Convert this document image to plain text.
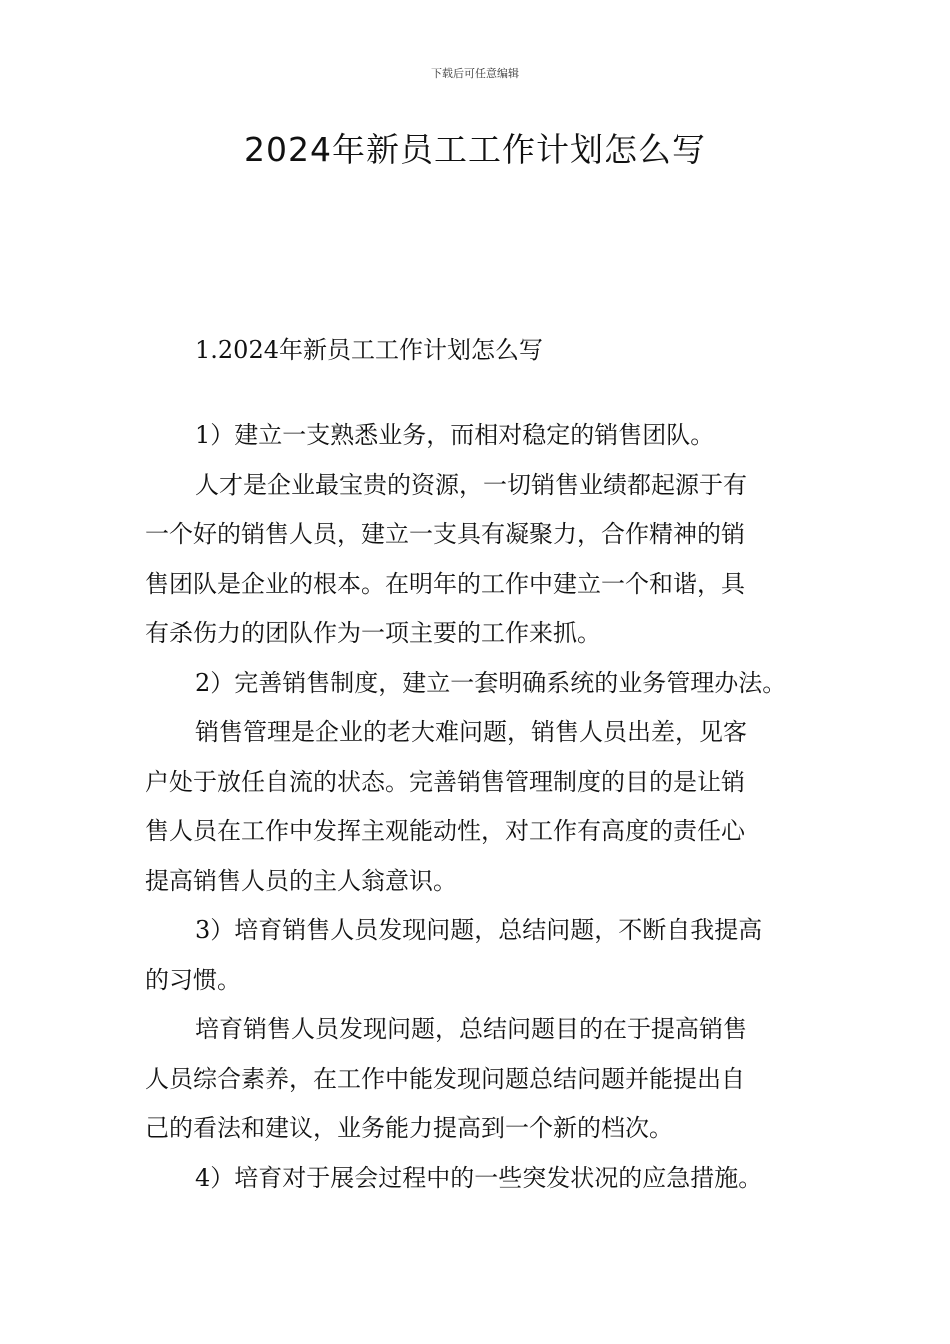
下载后可任意编辑
2024年新员工工作计划怎么写
1.2024年新员工工作计划怎么写
1）建立一支熟悉业务，而相对稳定的销售团队。
人才是企业最宝贵的资源，一切销售业绩都起源于有
一个好的销售人员，建立一支具有凝聚力，合作精神的销
售团队是企业的根本。在明年的工作中建立一个和谐，具
有杀伤力的团队作为一项主要的工作来抓。
2）完善销售制度，建立一套明确系统的业务管理办法。
销售管理是企业的老大难问题，销售人员出差，见客
户处于放任自流的状态。完善销售管理制度的目的是让销
售人员在工作中发挥主观能动性，对工作有高度的责任心
提高销售人员的主人翁意识。
3）培育销售人员发现问题，总结问题，不断自我提高
的习惯。
培育销售人员发现问题，总结问题目的在于提高销售
人员综合素养，在工作中能发现问题总结问题并能提出自
己的看法和建议，业务能力提高到一个新的档次。
4）培育对于展会过程中的一些突发状况的应急措施。
